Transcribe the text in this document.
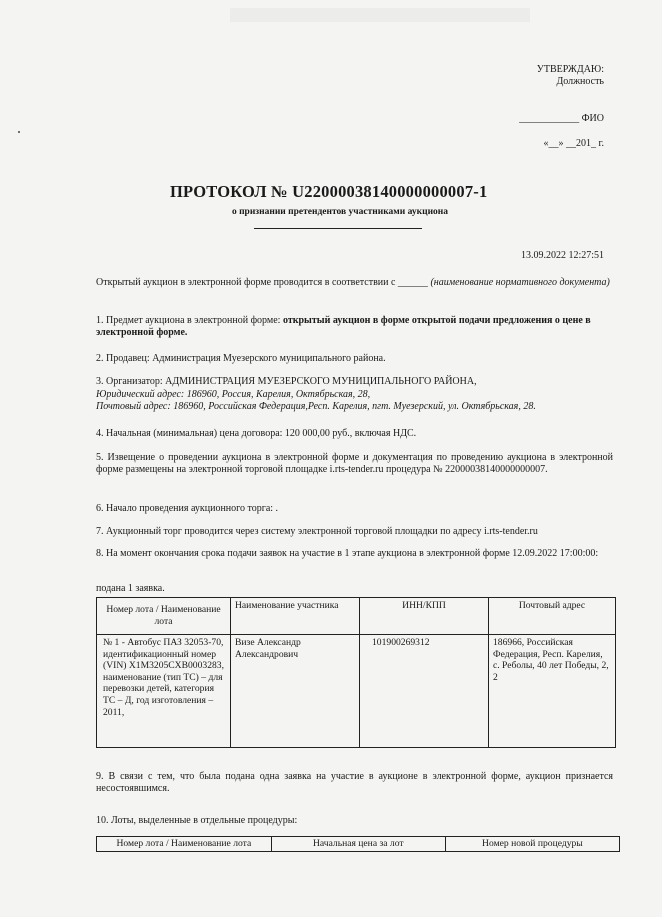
УТВЕРЖДАЮ:
Должность
____________ ФИО
«__» __201_ г.
ПРОТОКОЛ № U22000038140000000007-1
о признании претендентов участниками аукциона
13.09.2022 12:27:51
Открытый аукцион в электронной форме проводится в соответствии с ______ (наименование нормативного документа)
1. Предмет аукциона в электронной форме: открытый аукцион в форме открытой подачи предложения о цене в электронной форме.
2. Продавец: Администрация Муезерского муниципального района.
3. Организатор: АДМИНИСТРАЦИЯ МУЕЗЕРСКОГО МУНИЦИПАЛЬНОГО РАЙОНА,
Юридический адрес: 186960, Россия, Карелия, Октябрьская, 28,
Почтовый адрес: 186960, Российская Федерация,Респ. Карелия, пгт. Муезерский, ул. Октябрьская, 28.
4. Начальная (минимальная) цена договора: 120 000,00 руб., включая НДС.
5. Извещение о проведении аукциона в электронной форме и документация по проведению аукциона в электронной форме размещены на электронной торговой площадке i.rts-tender.ru процедура № 22000038140000000007.
6. Начало проведения аукционного торга: .
7. Аукционный торг проводится через систему электронной торговой площадки по адресу i.rts-tender.ru
8. На момент окончания срока подачи заявок на участие в 1 этапе аукциона в электронной форме 12.09.2022 17:00:00:
подана 1 заявка.
Номер лота / Наименование лота	Наименование участника	ИНН/КПП	Почтовый адрес
№ 1 - Автобус ПАЗ 32053-70, идентификационный номер (VIN) X1M3205CXB0003283, наименование (тип ТС) – для перевозки детей, категория ТС – Д, год изготовления – 2011,	Визе Александр Александрович	101900269312	186966, Российская Федерация, Респ. Карелия, с. Реболы, 40 лет Победы, 2, 2
9. В связи с тем, что была подана одна заявка на участие в аукционе в электронной форме, аукцион признается несостоявшимся.
10. Лоты, выделенные в отдельные процедуры:
Номер лота / Наименование лота	Начальная цена за лот	Номер новой процедуры
